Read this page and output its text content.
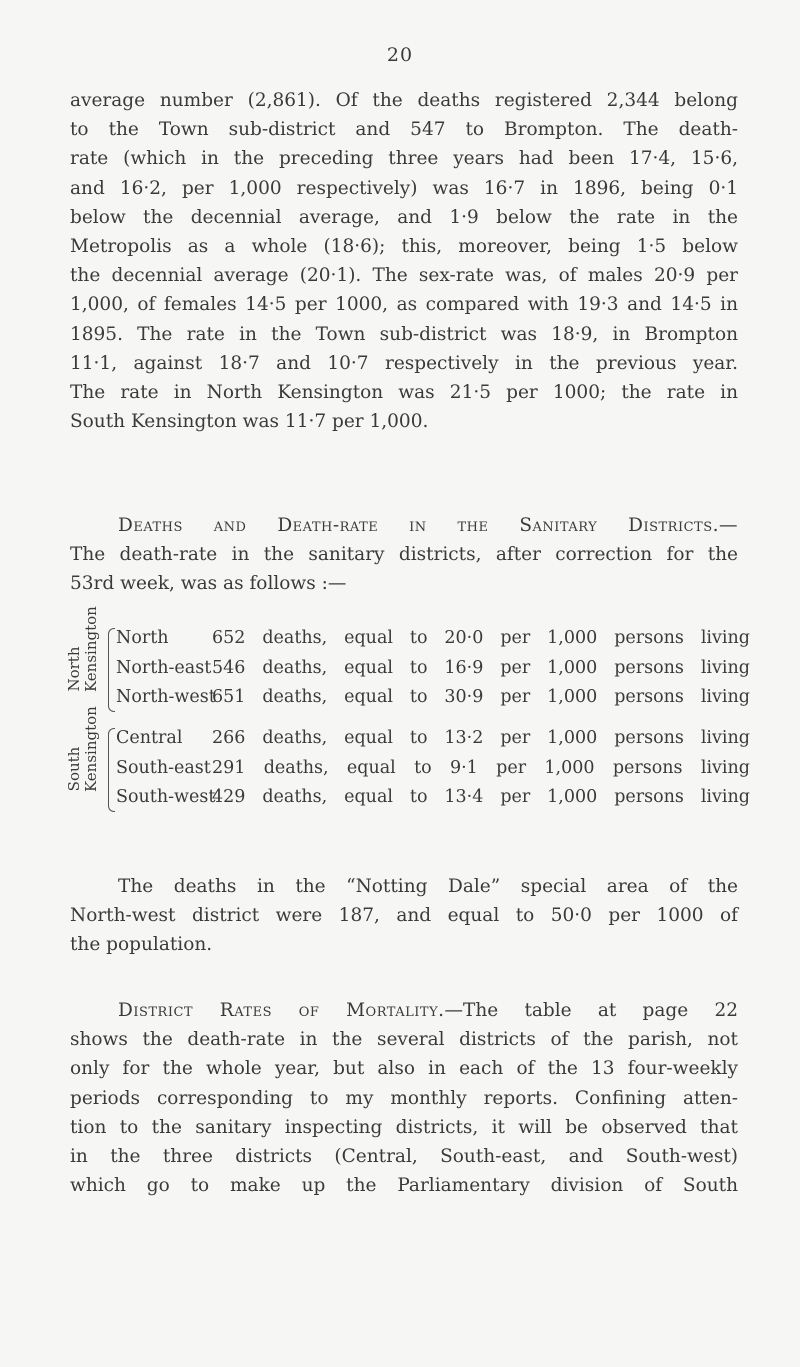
20
average number (2,861). Of the deaths registered 2,344 belong
to the Town sub-district and 547 to Brompton. The death-
rate (which in the preceding three years had been 17·4, 15·6,
and 16·2, per 1,000 respectively) was 16·7 in 1896, being 0·1
below the decennial average, and 1·9 below the rate in the
Metropolis as a whole (18·6); this, moreover, being 1·5 below
the decennial average (20·1). The sex-rate was, of males 20·9 per
1,000, of females 14·5 per 1000, as compared with 19·3 and 14·5 in
1895. The rate in the Town sub-district was 18·9, in Brompton
11·1, against 18·7 and 10·7 respectively in the previous year.
The rate in North Kensington was 21·5 per 1000; the rate in
South Kensington was 11·7 per 1,000.
Deaths and Death-rate in the Sanitary Districts.—
The death-rate in the sanitary districts, after correction for the
53rd week, was as follows :—
North Kensington North	652 deaths, equal to 20·0 per 1,000 persons living
North-east 546 deaths, equal to 16·9 per 1,000 persons living
North-west
651 deaths, equal to 30·9 per 1,000 persons living
South Kensington Central	266 deaths, equal to 13·2 per 1,000 persons living
South-east 291 deaths, equal to 9·1 per 1,000 persons living
South-west
429 deaths, equal to 13·4 per 1,000 persons living
The deaths in the “Notting Dale” special area of the
North-west district were 187, and equal to 50·0 per 1000 of
the population.
District Rates of Mortality.—The table at page 22
shows the death-rate in the several districts of the parish, not
only for the whole year, but also in each of the 13 four-weekly
periods corresponding to my monthly reports. Confining atten-
tion to the sanitary inspecting districts, it will be observed that
in the three districts (Central, South-east, and South-west)
which go to make up the Parliamentary division of South
